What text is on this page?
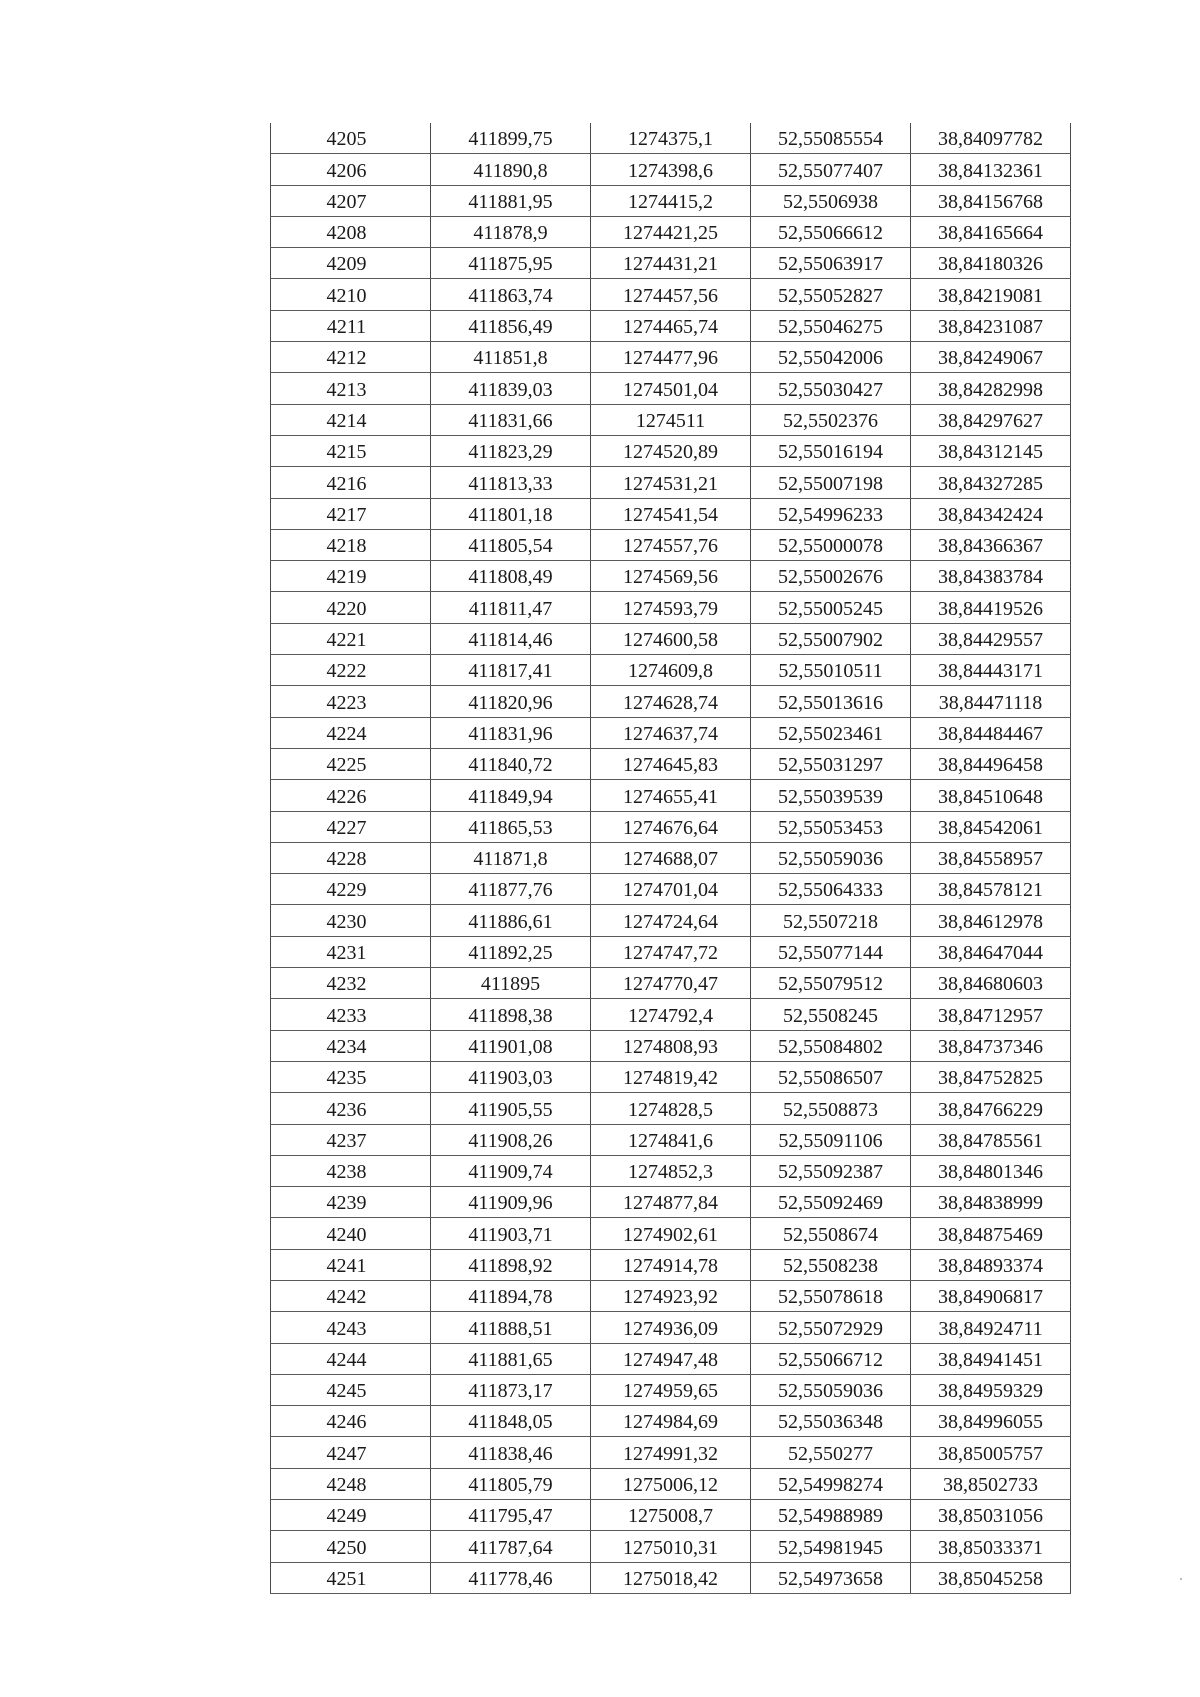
4205	411899,75	1274375,1	52,55085554	38,84097782
4206	411890,8	1274398,6	52,55077407	38,84132361
4207	411881,95	1274415,2	52,5506938	38,84156768
4208	411878,9	1274421,25	52,55066612	38,84165664
4209	411875,95	1274431,21	52,55063917	38,84180326
4210	411863,74	1274457,56	52,55052827	38,84219081
4211	411856,49	1274465,74	52,55046275	38,84231087
4212	411851,8	1274477,96	52,55042006	38,84249067
4213	411839,03	1274501,04	52,55030427	38,84282998
4214	411831,66	1274511	52,5502376	38,84297627
4215	411823,29	1274520,89	52,55016194	38,84312145
4216	411813,33	1274531,21	52,55007198	38,84327285
4217	411801,18	1274541,54	52,54996233	38,84342424
4218	411805,54	1274557,76	52,55000078	38,84366367
4219	411808,49	1274569,56	52,55002676	38,84383784
4220	411811,47	1274593,79	52,55005245	38,84419526
4221	411814,46	1274600,58	52,55007902	38,84429557
4222	411817,41	1274609,8	52,55010511	38,84443171
4223	411820,96	1274628,74	52,55013616	38,84471118
4224	411831,96	1274637,74	52,55023461	38,84484467
4225	411840,72	1274645,83	52,55031297	38,84496458
4226	411849,94	1274655,41	52,55039539	38,84510648
4227	411865,53	1274676,64	52,55053453	38,84542061
4228	411871,8	1274688,07	52,55059036	38,84558957
4229	411877,76	1274701,04	52,55064333	38,84578121
4230	411886,61	1274724,64	52,5507218	38,84612978
4231	411892,25	1274747,72	52,55077144	38,84647044
4232	411895	1274770,47	52,55079512	38,84680603
4233	411898,38	1274792,4	52,5508245	38,84712957
4234	411901,08	1274808,93	52,55084802	38,84737346
4235	411903,03	1274819,42	52,55086507	38,84752825
4236	411905,55	1274828,5	52,5508873	38,84766229
4237	411908,26	1274841,6	52,55091106	38,84785561
4238	411909,74	1274852,3	52,55092387	38,84801346
4239	411909,96	1274877,84	52,55092469	38,84838999
4240	411903,71	1274902,61	52,5508674	38,84875469
4241	411898,92	1274914,78	52,5508238	38,84893374
4242	411894,78	1274923,92	52,55078618	38,84906817
4243	411888,51	1274936,09	52,55072929	38,84924711
4244	411881,65	1274947,48	52,55066712	38,84941451
4245	411873,17	1274959,65	52,55059036	38,84959329
4246	411848,05	1274984,69	52,55036348	38,84996055
4247	411838,46	1274991,32	52,550277	38,85005757
4248	411805,79	1275006,12	52,54998274	38,8502733
4249	411795,47	1275008,7	52,54988989	38,85031056
4250	411787,64	1275010,31	52,54981945	38,85033371
4251	411778,46	1275018,42	52,54973658	38,85045258
